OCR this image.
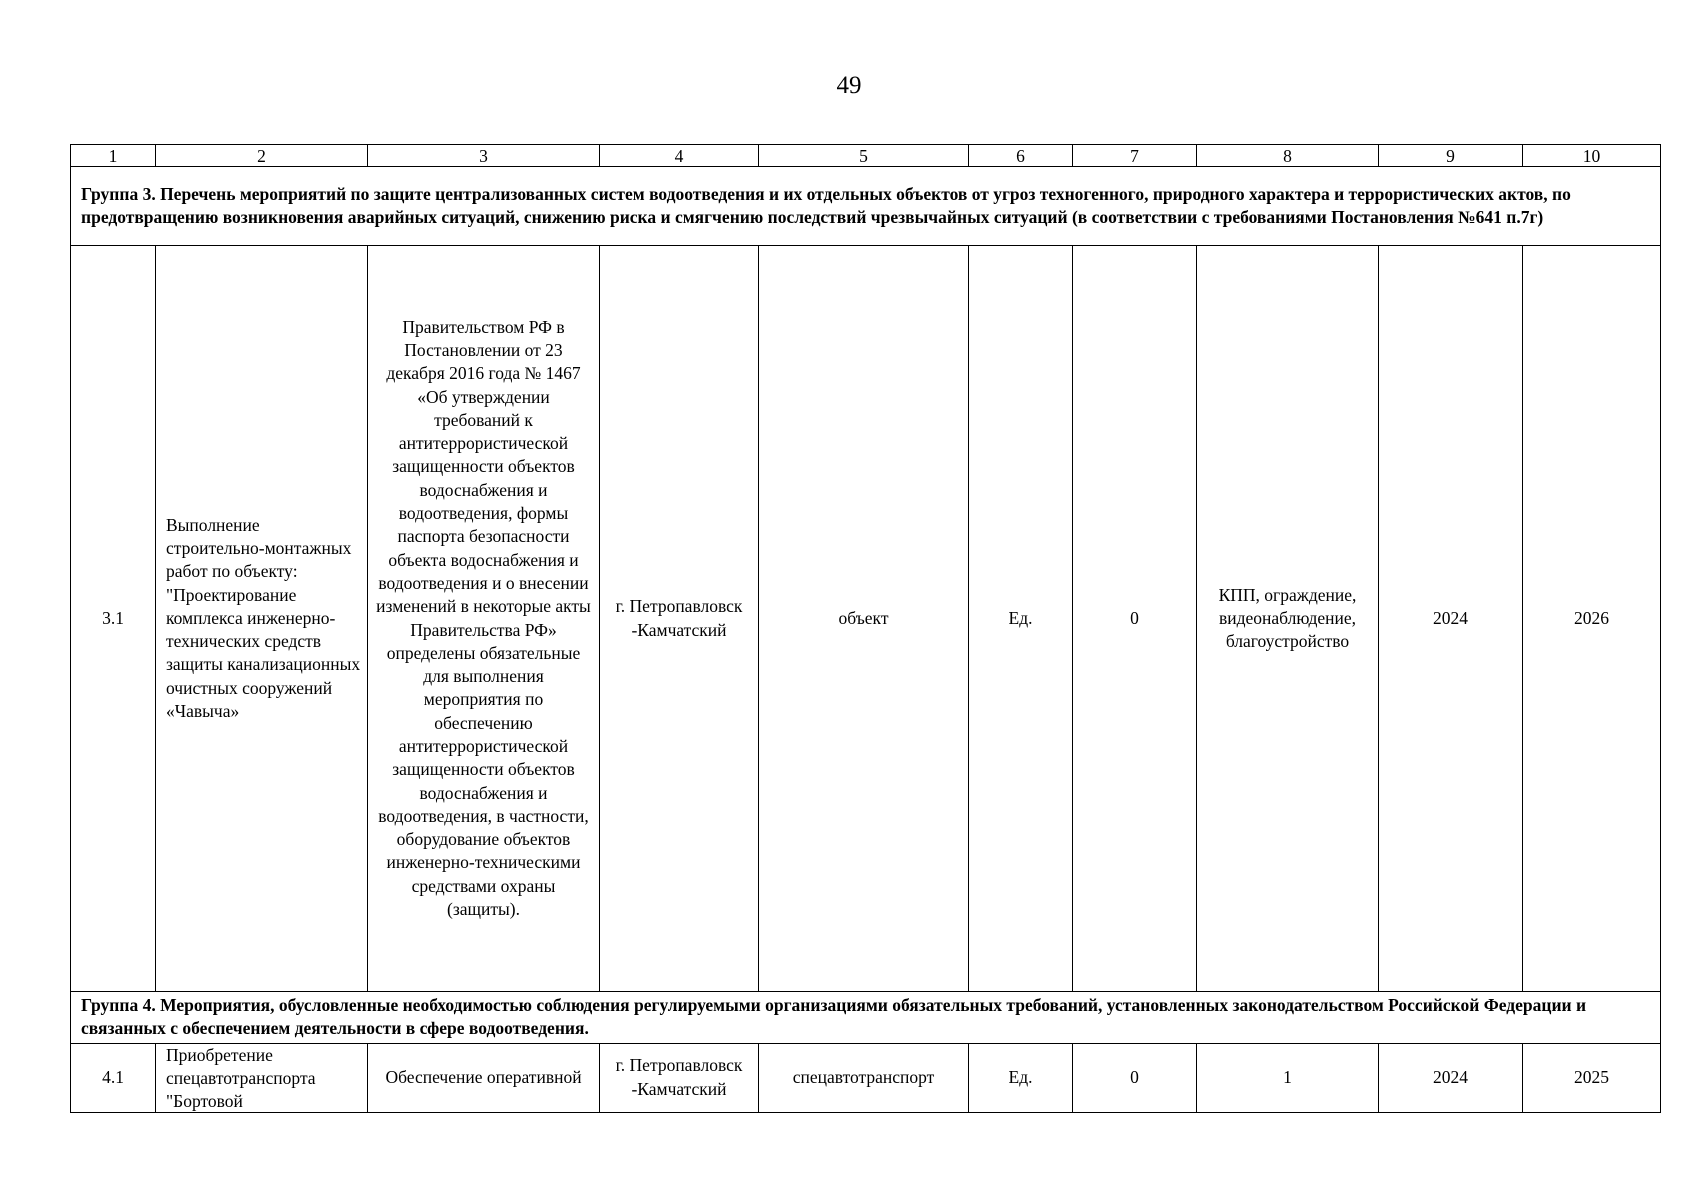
49
1	2	3	4	5	6	7	8	9	10
Группа 3. Перечень мероприятий по защите централизованных систем водоотведения и их отдельных объектов от угроз техногенного, природного характера и террористических актов, по предотвращению возникновения аварийных ситуаций, снижению риска и смягчению последствий чрезвычайных ситуаций (в соответствии с требованиями Постановления №641 п.7г)									
3.1	Выполнение строительно-монтажных работ по объекту: "Проектирование комплекса инженерно-технических средств защиты канализационных очистных сооружений «Чавыча»	Правительством РФ в Постановлении от 23 декабря 2016 года № 1467 «Об утверждении требований к антитеррористической защищенности объектов водоснабжения и водоотведения, формы паспорта безопасности объекта водоснабжения и водоотведения и о внесении изменений в некоторые акты Правительства РФ» определены обязательные для выполнения мероприятия по обеспечению антитеррористической защищенности объектов водоснабжения и водоотведения, в частности, оборудование объектов инженерно-техническими средствами охраны (защиты).	г. Петропавловск -Камчатский	объект	Ед.	0	КПП, ограждение, видеонаблюдение, благоустройство	2024	2026
Группа 4. Мероприятия, обусловленные необходимостью соблюдения регулируемыми организациями обязательных требований, установленных законодательством Российской Федерации и связанных с обеспечением деятельности в сфере водоотведения.									
4.1	Приобретение спецавтотранспорта "Бортовой	Обеспечение оперативной	г. Петропавловск -Камчатский	спецавтотранспорт	Ед.	0	1	2024	2025
